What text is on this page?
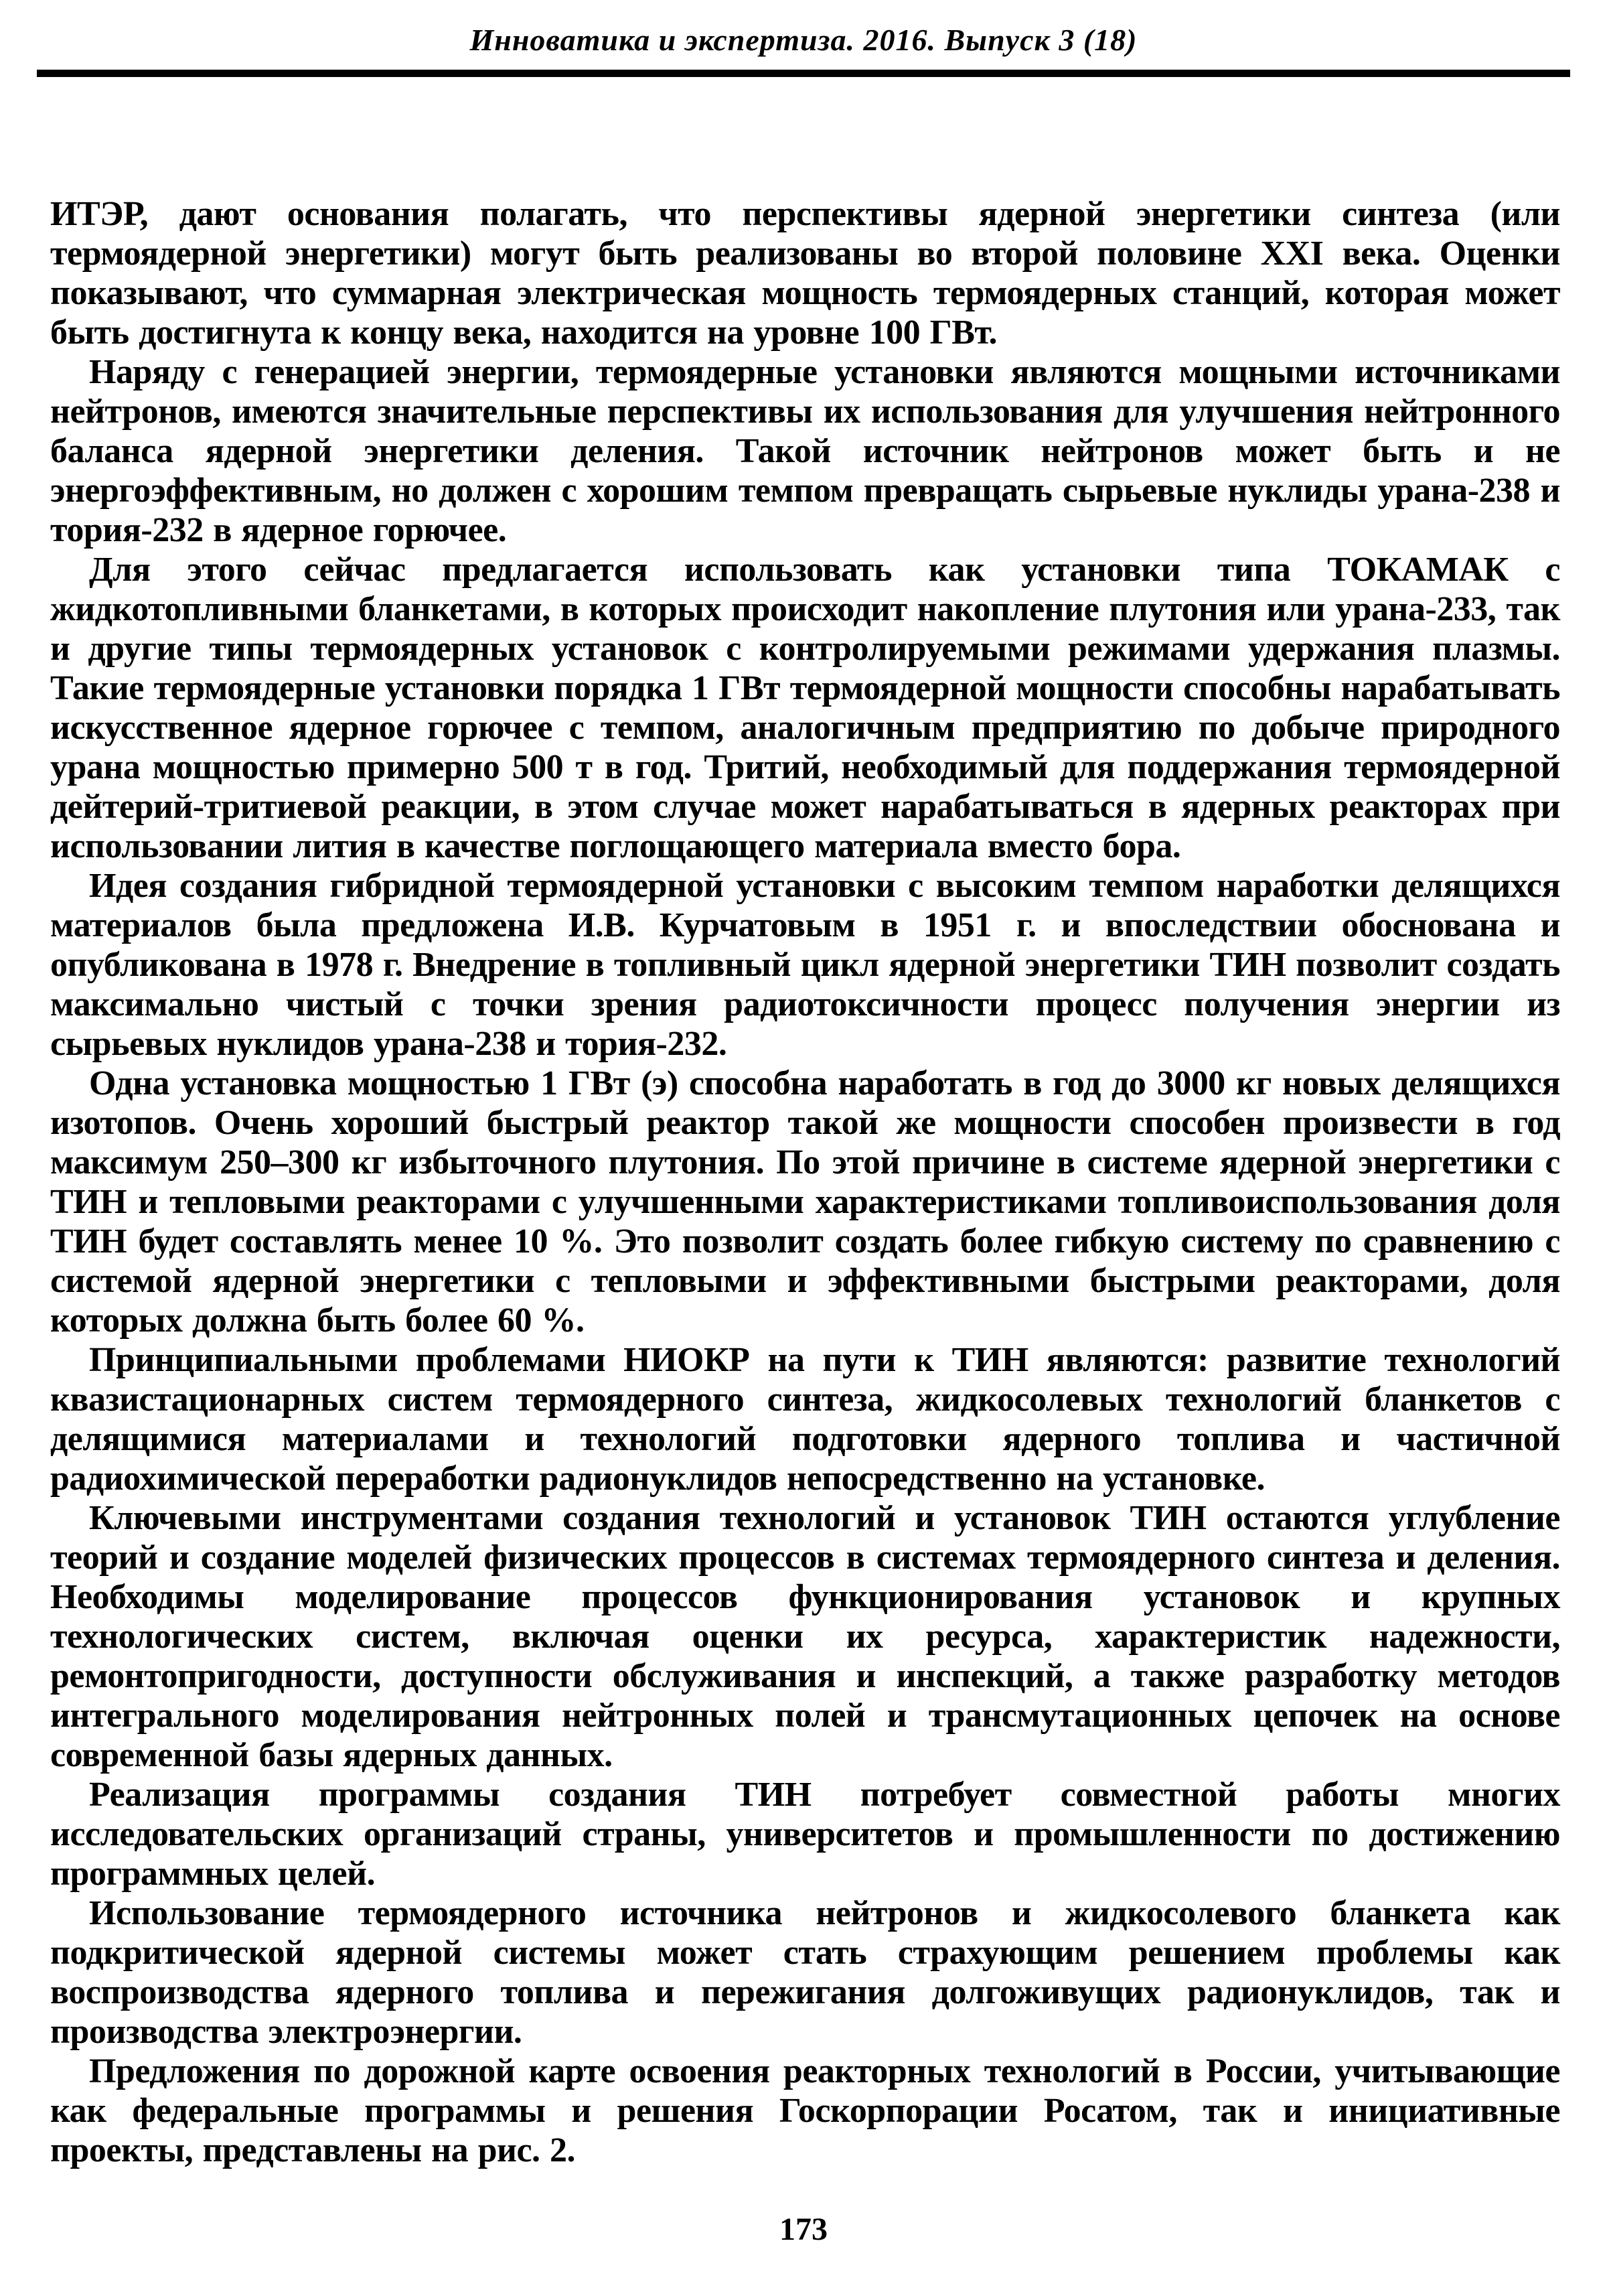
Инноватика и экспертиза. 2016. Выпуск 3 (18)

ИТЭР, дают основания полагать, что перспективы ядерной энергетики синтеза (или термоядерной энергетики) могут быть реализованы во второй половине XXI века. Оценки показывают, что суммарная электрическая мощность термоядерных станций, которая может быть достигнута к концу века, находится на уровне 100 ГВт.

Наряду с генерацией энергии, термоядерные установки являются мощными источниками нейтронов, имеются значительные перспективы их использования для улучшения нейтронного баланса ядерной энергетики деления. Такой источник нейтронов может быть и не энергоэффективным, но должен с хорошим темпом превращать сырьевые нуклиды урана-238 и тория-232 в ядерное горючее.

Для этого сейчас предлагается использовать как установки типа ТОКАМАК с жидкотопливными бланкетами, в которых происходит накопление плутония или урана-233, так и другие типы термоядерных установок с контролируемыми режимами удержания плазмы. Такие термоядерные установки порядка 1 ГВт термоядерной мощности способны нарабатывать искусственное ядерное горючее с темпом, аналогичным предприятию по добыче природного урана мощностью примерно 500 т в год. Тритий, необходимый для поддержания термоядерной дейтерий-тритиевой реакции, в этом случае может нарабатываться в ядерных реакторах при использовании лития в качестве поглощающего материала вместо бора.

Идея создания гибридной термоядерной установки с высоким темпом наработки делящихся материалов была предложена И.В. Курчатовым в 1951 г. и впоследствии обоснована и опубликована в 1978 г. Внедрение в топливный цикл ядерной энергетики ТИН позволит создать максимально чистый с точки зрения радиотоксичности процесс получения энергии из сырьевых нуклидов урана-238 и тория-232.

Одна установка мощностью 1 ГВт (э) способна наработать в год до 3000 кг новых делящихся изотопов. Очень хороший быстрый реактор такой же мощности способен произвести в год максимум 250–300 кг избыточного плутония. По этой причине в системе ядерной энергетики с ТИН и тепловыми реакторами с улучшенными характеристиками топливоиспользования доля ТИН будет составлять менее 10 %. Это позволит создать более гибкую систему по сравнению с системой ядерной энергетики с тепловыми и эффективными быстрыми реакторами, доля которых должна быть более 60 %.

Принципиальными проблемами НИОКР на пути к ТИН являются: развитие технологий квазистационарных систем термоядерного синтеза, жидкосолевых технологий бланкетов с делящимися материалами и технологий подготовки ядерного топлива и частичной радиохимической переработки радионуклидов непосредственно на установке.

Ключевыми инструментами создания технологий и установок ТИН остаются углубление теорий и создание моделей физических процессов в системах термоядерного синтеза и деления. Необходимы моделирование процессов функционирования установок и крупных технологических систем, включая оценки их ресурса, характеристик надежности, ремонтопригодности, доступности обслуживания и инспекций, а также разработку методов интегрального моделирования нейтронных полей и трансмутационных цепочек на основе современной базы ядерных данных.

Реализация программы создания ТИН потребует совместной работы многих исследовательских организаций страны, университетов и промышленности по достижению программных целей.

Использование термоядерного источника нейтронов и жидкосолевого бланкета как подкритической ядерной системы может стать страхующим решением проблемы как воспроизводства ядерного топлива и пережигания долгоживущих радионуклидов, так и производства электроэнергии.

Предложения по дорожной карте освоения реакторных технологий в России, учитывающие как федеральные программы и решения Госкорпорации Росатом, так и инициативные проекты, представлены на рис. 2.

173
